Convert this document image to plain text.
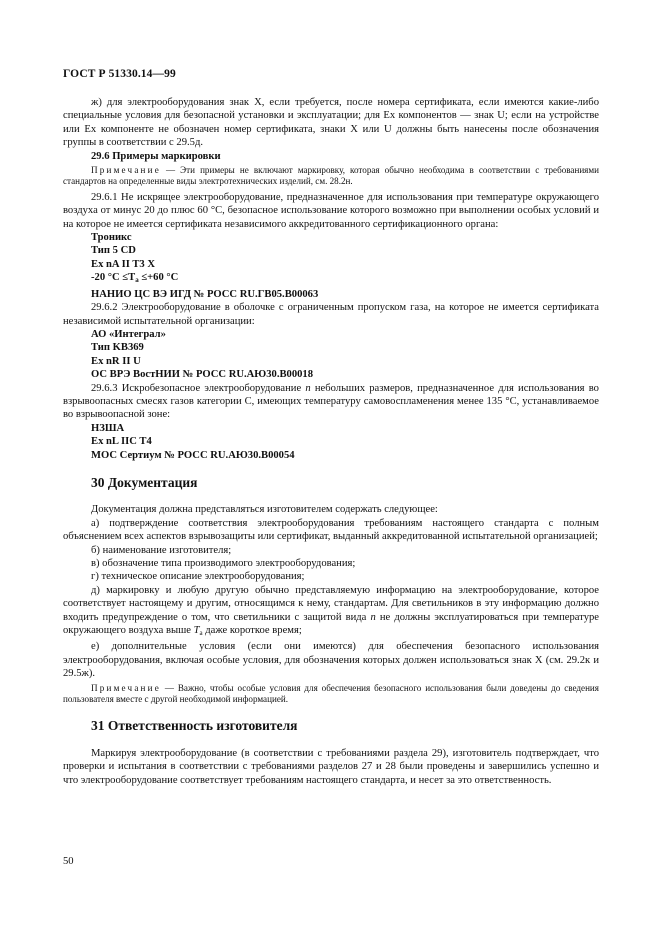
ГОСТ Р 51330.14—99

ж) для электрооборудования знак X, если требуется, после номера сертификата, если имеются какие-либо специальные условия для безопасной установки и эксплуатации; для Ex компонентов — знак U; если на устройстве или Ex компоненте не обозначен номер сертификата, знаки X или U должны быть нанесены после обозначения группы в соответствии с 29.5д.

29.6 Примеры маркировки

Примечание — Эти примеры не включают маркировку, которая обычно необходима в соответствии с требованиями стандартов на определенные виды электротехнических изделий, см. 28.2н.

29.6.1 Не искрящее электрооборудование, предназначенное для использования при температуре окружающего воздуха от минус 20 до плюс 60 °С, безопасное использование которого возможно при выполнении особых условий и на которое не имеется сертификата независимого аккредитованного сертификационного органа:

Троникс

Тип 5 CD

Ex nA II T3 X

-20 $^\circ C \le T_a \le+60$ °C

НАНИО ЦС ВЭ ИГД № РОСС RU.ГВ05.В00063

29.6.2 Электрооборудование в оболочке с ограниченным пропуском газа, на которое не имеется сертификата независимой испытательной организации:

АО «Интеграл»

Тип KB369

Ex nR II U

ОС ВРЭ ВостНИИ № РОСС RU.АЮ30.В00018

29.6.3 Искробезопасное электрооборудование n небольших размеров, предназначенное для использования во взрывоопасных смесях газов категории С, имеющих температуру самовоспламенения менее 135 °С, устанавливаемое во взрывоопасной зоне:

НЗША

Ex nL IIC T4

МОС Сертиум № РОСС RU.АЮ30.В00054

30 Документация

Документация должна представляться изготовителем содержать следующее:

а) подтверждение соответствия электрооборудования требованиям настоящего стандарта с полным объяснением всех аспектов взрывозащиты или сертификат, выданный аккредитованной испытательной организацией;

б) наименование изготовителя;

в) обозначение типа производимого электрооборудования;

г) техническое описание электрооборудования;

д) маркировку и любую другую обычно представляемую информацию на электрооборудование, которое соответствует настоящему и другим, относящимся к нему, стандартам. Для светильников в эту информацию должно входить предупреждение о том, что светильники с защитой вида n не должны эксплуатироваться при температуре окружающего воздуха выше $T_a$ даже короткое время;

е) дополнительные условия (если они имеются) для обеспечения безопасного использования электрооборудования, включая особые условия, для обозначения которых должен использоваться знак X (см. 29.2к и 29.5ж).

Примечание — Важно, чтобы особые условия для обеспечения безопасного использования были доведены до сведения пользователя вместе с другой необходимой информацией.

31 Ответственность изготовителя

Маркируя электрооборудование (в соответствии с требованиями раздела 29), изготовитель подтверждает, что проверки и испытания в соответствии с требованиями разделов 27 и 28 были проведены и завершились успешно и что электрооборудование соответствует требованиям настоящего стандарта, и несет за это ответственность.

50
